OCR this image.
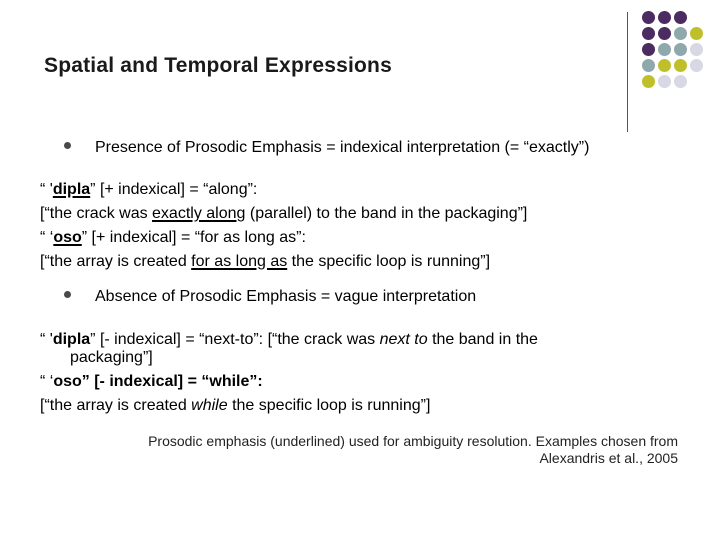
Spatial and Temporal Expressions
Presence of Prosodic Emphasis = indexical interpretation (= “exactly”)
“ 'dipla” [+ indexical] = “along”:
[“the crack was exactly along (parallel) to the band in the packaging”]
“ ‘oso” [+ indexical] = “for as long as”:
[“the array is created for as long as the specific loop is running”]
Absence of Prosodic Emphasis = vague interpretation
“ 'dipla” [- indexical] = “next-to”: [“the crack was next to the band in the
packaging”]
“ ‘oso” [- indexical] = “while”:
[“the array is created while the specific loop is running”]
Prosodic emphasis (underlined) used for ambiguity resolution. Examples chosen from
Alexandris et al., 2005
